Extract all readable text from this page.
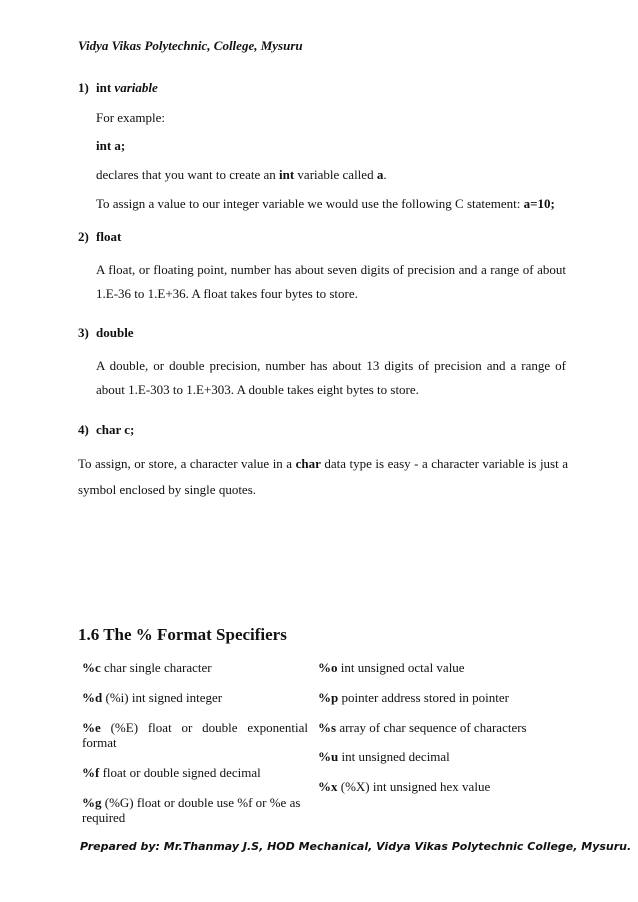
Vidya Vikas Polytechnic, College, Mysuru
1) int variable
For example:
int a;
declares that you want to create an int variable called a.
To assign a value to our integer variable we would use the following C statement: a=10;
2) float
A float, or floating point, number has about seven digits of precision and a range of about 1.E-36 to 1.E+36. A float takes four bytes to store.
3) double
A double, or double precision, number has about 13 digits of precision and a range of about 1.E-303 to 1.E+303. A double takes eight bytes to store.
4) char c;
To assign, or store, a character value in a char data type is easy - a character variable is just a symbol enclosed by single quotes.
1.6 The % Format Specifiers
%c char single character
%d (%i) int signed integer
%e (%E) float or double exponential format
%f float or double signed decimal
%g (%G) float or double use %f or %e as required
%o int unsigned octal value
%p pointer address stored in pointer
%s array of char sequence of characters
%u int unsigned decimal
%x (%X) int unsigned hex value
Prepared by: Mr.Thanmay J.S, HOD Mechanical, Vidya Vikas Polytechnic College, Mysuru.
